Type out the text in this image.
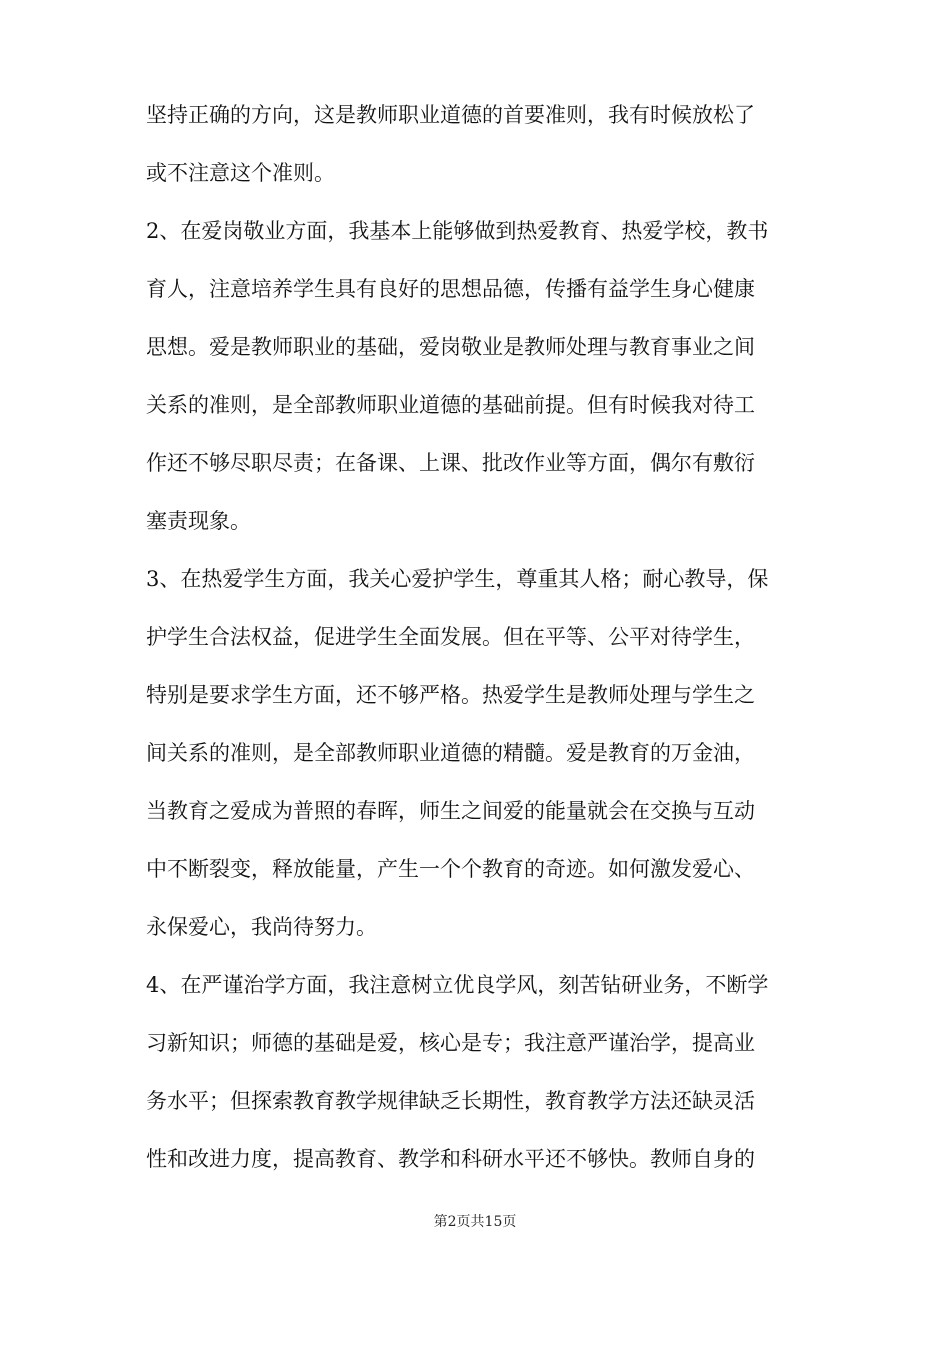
坚持正确的方向，这是教师职业道德的首要准则，我有时候放松了
或不注意这个准则。
2、在爱岗敬业方面，我基本上能够做到热爱教育、热爱学校，教书
育人，注意培养学生具有良好的思想品德，传播有益学生身心健康
思想。爱是教师职业的基础，爱岗敬业是教师处理与教育事业之间
关系的准则，是全部教师职业道德的基础前提。但有时候我对待工
作还不够尽职尽责；在备课、上课、批改作业等方面，偶尔有敷衍
塞责现象。
3、在热爱学生方面，我关心爱护学生，尊重其人格；耐心教导，保
护学生合法权益，促进学生全面发展。但在平等、公平对待学生，
特别是要求学生方面，还不够严格。热爱学生是教师处理与学生之
间关系的准则，是全部教师职业道德的精髓。爱是教育的万金油，
当教育之爱成为普照的春晖，师生之间爱的能量就会在交换与互动
中不断裂变，释放能量，产生一个个教育的奇迹。如何激发爱心、
永保爱心，我尚待努力。
4、在严谨治学方面，我注意树立优良学风，刻苦钻研业务，不断学
习新知识；师德的基础是爱，核心是专；我注意严谨治学，提高业
务水平；但探索教育教学规律缺乏长期性，教育教学方法还缺灵活
性和改进力度，提高教育、教学和科研水平还不够快。教师自身的
第2页共15页
